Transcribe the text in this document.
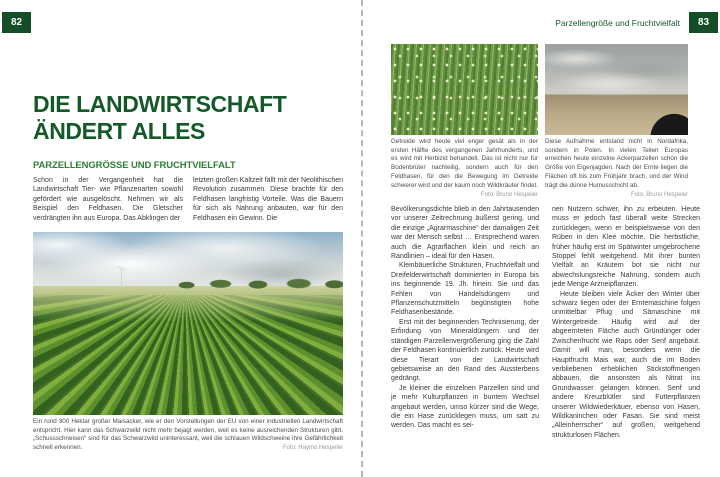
82
DIE LANDWIRTSCHAFT
ÄNDERT ALLES
PARZELLENGRÖSSE UND FRUCHTVIELFALT

Schon in der Vergangenheit hat die Landwirtschaft Tier- wie Pflanzenarten sowohl gefördert wie ausgelöscht. Nehmen wir als Beispiel den Feldhasen. Die Gletscher verdrängten ihn aus Europa. Das Abklingen der

letzten großen Kaltzeit fällt mit der Neolithischen Revolution zusammen. Diese brachte für den Feldhasen langfristig Vorteile. Was die Bauern für sich als Nahrung anbauten, war für den Feldhasen ein Gewinn. Die

Ein rund 300 Hektar großer Maisacker, wie er den Vorstellungen der EU von einer industriellen Landwirtschaft entspricht. Hier kann das Schwarzwild nicht mehr bejagt werden, weil es keine ausreichenden Strukturen gibt. „Schussschneisen“ sind für das Schwarzwild uninteressant, weil die schlauen Wildschweine ihre Gefährlichkeit schnell erkennen.	Foto: Haymo Hespeler

Parzellengröße und Fruchtvielfalt	83

Getreide wird heute viel enger gesät als in der ersten Hälfte des vergangenen Jahrhunderts, und es wird mit Herbizid behandelt. Das ist nicht nur für Bodenbrüter nachteilig, sondern auch für den Feldhasen, für den die Bewegung im Getreide schwerer wird und der kaum noch Wildkräuter findet.
Foto: Bruno Hespeler

Diese Aufnahme entstand nicht in Nordafrika, sondern in Polen. In vielen Teilen Europas erreichen heute einzelne Ackerparzellen schon die Größe von Eigenjagden. Nach der Ernte liegen die Flächen oft bis zum Frühjahr brach, und der Wind trägt die dünne Humusschicht ab.
Foto: Bruno Hespeler

Bevölkerungsdichte blieb in den Jahrtausenden vor unserer Zeitrechnung äußerst gering, und die einzige „Agrarmaschine“ der damaligen Zeit war der Mensch selbst … Entsprechend waren auch die Agrarflächen klein und reich an Randlinien – ideal für den Hasen.

Kleinbäuerliche Strukturen, Fruchtvielfalt und Dreifelderwirtschaft dominierten in Europa bis ins beginnende 19. Jh. hinein. Sie und das Fehlen von Handelsdüngern und Pflanzenschutzmitteln begünstigten hohe Feldhasenbestände.

Erst mit der beginnenden Technisierung, der Erfindung von Mineraldüngern und der ständigen Parzellenvergrößerung ging die Zahl der Feldhasen kontinuierlich zurück. Heute wird diese Tierart von der Landwirtschaft gebietsweise an den Rand des Aussterbens gedrängt.

Je kleiner die einzelnen Parzellen sind und je mehr Kulturpflanzen in buntem Wechsel angebaut werden, umso kürzer sind die Wege, die ein Hase zurücklegen muss, um satt zu werden. Das macht es sei-

nen Nutzern schwer, ihn zu erbeuten. Heute muss er jedoch fast überall weite Strecken zurücklegen, wenn er beispielsweise von den Rüben in den Klee möchte. Die herbstliche, früher häufig erst im Spätwinter umgebrochene Stoppel fehlt weitgehend. Mit ihrer bunten Vielfalt an Kräutern bot sie nicht nur abwechslungsreiche Nahrung, sondern auch jede Menge Arzneipflanzen.

Heute bleiben viele Äcker den Winter über schwarz liegen oder der Erntemaschine folgen unmittelbar Pflug und Sämaschine mit Wintergetreide. Häufig wird auf der abgeernteten Fläche auch Gründünger oder Zwischenfrucht wie Raps oder Senf angebaut. Damit will man, besonders wenn die Hauptfrucht Mais war, auch die im Boden verbliebenen erheblichen Stickstoffmengen abbauen, die ansonsten als Nitrat ins Grundwasser gelangen können. Senf und andere Kreuzblütler sind Futterpflanzen unserer Wildwiederkäuer, ebenso von Hasen, Wildkaninchen oder Fasan. Sie sind meist „Alleinherrscher“ auf großen, weitgehend strukturlosen Flächen.
